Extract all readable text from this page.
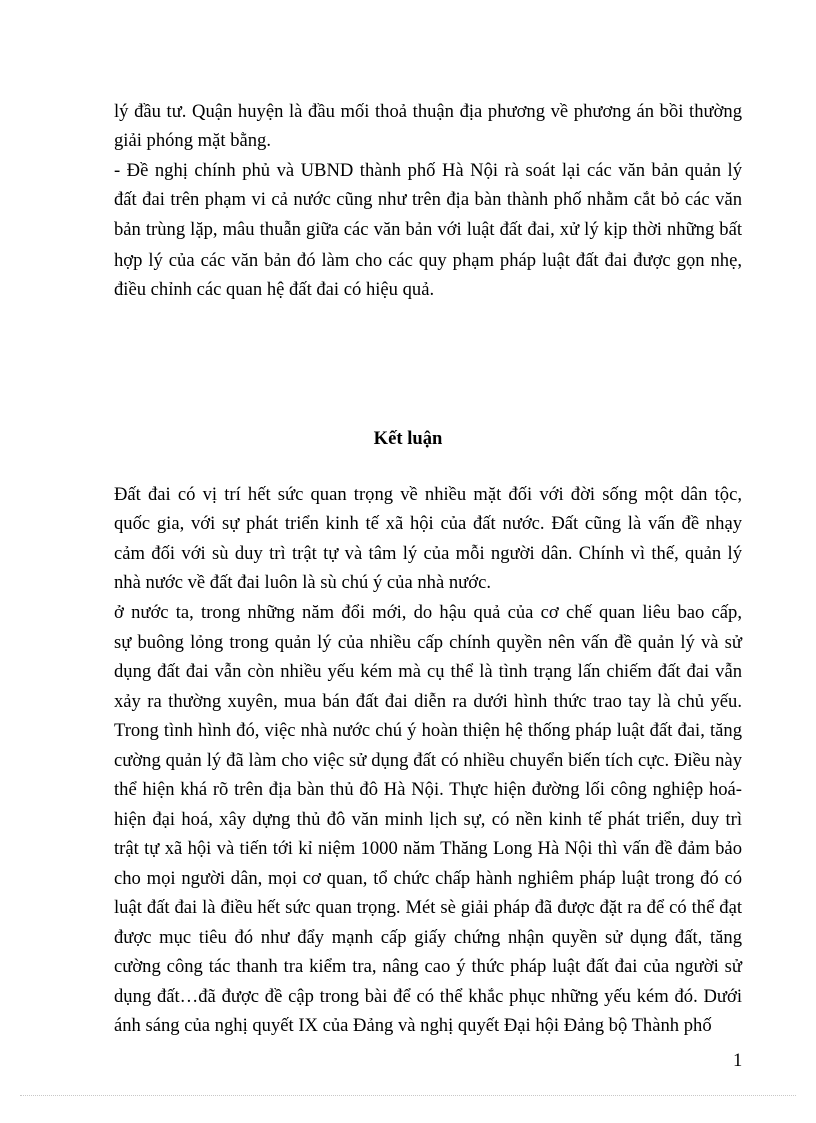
lý đầu tư. Quận huyện là đầu mối thoả thuận địa phương về phương án bồi thường
giải phóng mặt bằng.
- Đề nghị chính phủ và UBND thành phố Hà Nội rà soát lại các văn bản quản lý
đất đai trên phạm vi cả nước cũng như trên địa bàn thành phố nhằm cắt bỏ các văn
bản trùng lặp, mâu thuẫn giữa các văn bản với luật đất đai, xử lý kịp thời những bất
hợp lý của các văn bản đó làm cho các quy phạm pháp luật đất đai được gọn nhẹ,
điều chỉnh các quan hệ đất đai có hiệu quả.
Kết luận
Đất đai có vị trí hết sức quan trọng về nhiều mặt đối với đời sống một dân tộc,
quốc gia, với sự phát triển kinh tế xã hội của đất nước. Đất cũng là vấn đề nhạy
cảm đối với sù duy trì trật tự và tâm lý của mỗi người dân. Chính vì thế, quản lý
nhà nước về đất đai luôn là sù chú ý của nhà nước.
ở nước ta, trong những năm đổi mới, do hậu quả của cơ chế quan liêu bao cấp,
sự buông lỏng trong quản lý của nhiều cấp chính quyền nên vấn đề quản lý và sử
dụng đất đai vẫn còn nhiều yếu kém mà cụ thể là tình trạng lấn chiếm đất đai vẫn
xảy ra thường xuyên, mua bán đất đai diễn ra dưới hình thức trao tay là chủ yếu.
Trong tình hình đó, việc nhà nước chú ý hoàn thiện hệ thống pháp luật đất đai, tăng
cường quản lý đã làm cho việc sử dụng đất có nhiều chuyển biến tích cực. Điều này
thể hiện khá rõ trên địa bàn thủ đô Hà Nội. Thực hiện đường lối công nghiệp hoá-
hiện đại hoá, xây dựng thủ đô văn minh lịch sự, có nền kinh tế phát triển, duy trì
trật tự xã hội và tiến tới kỉ niệm 1000 năm Thăng Long Hà Nội thì vấn đề đảm bảo
cho mọi người dân, mọi cơ quan, tổ chức chấp hành nghiêm pháp luật trong đó có
luật đất đai là điều hết sức quan trọng. Mét sè giải pháp đã được đặt ra để có thể đạt
được mục tiêu đó như đẩy mạnh cấp giấy chứng nhận quyền sử dụng đất, tăng
cường công tác thanh tra kiểm tra, nâng cao ý thức pháp luật đất đai của người sử
dụng đất…đã được đề cập trong bài để có thể khắc phục những yếu kém đó. Dưới
ánh sáng của nghị quyết IX của Đảng và nghị quyết Đại hội Đảng bộ Thành phố
1
